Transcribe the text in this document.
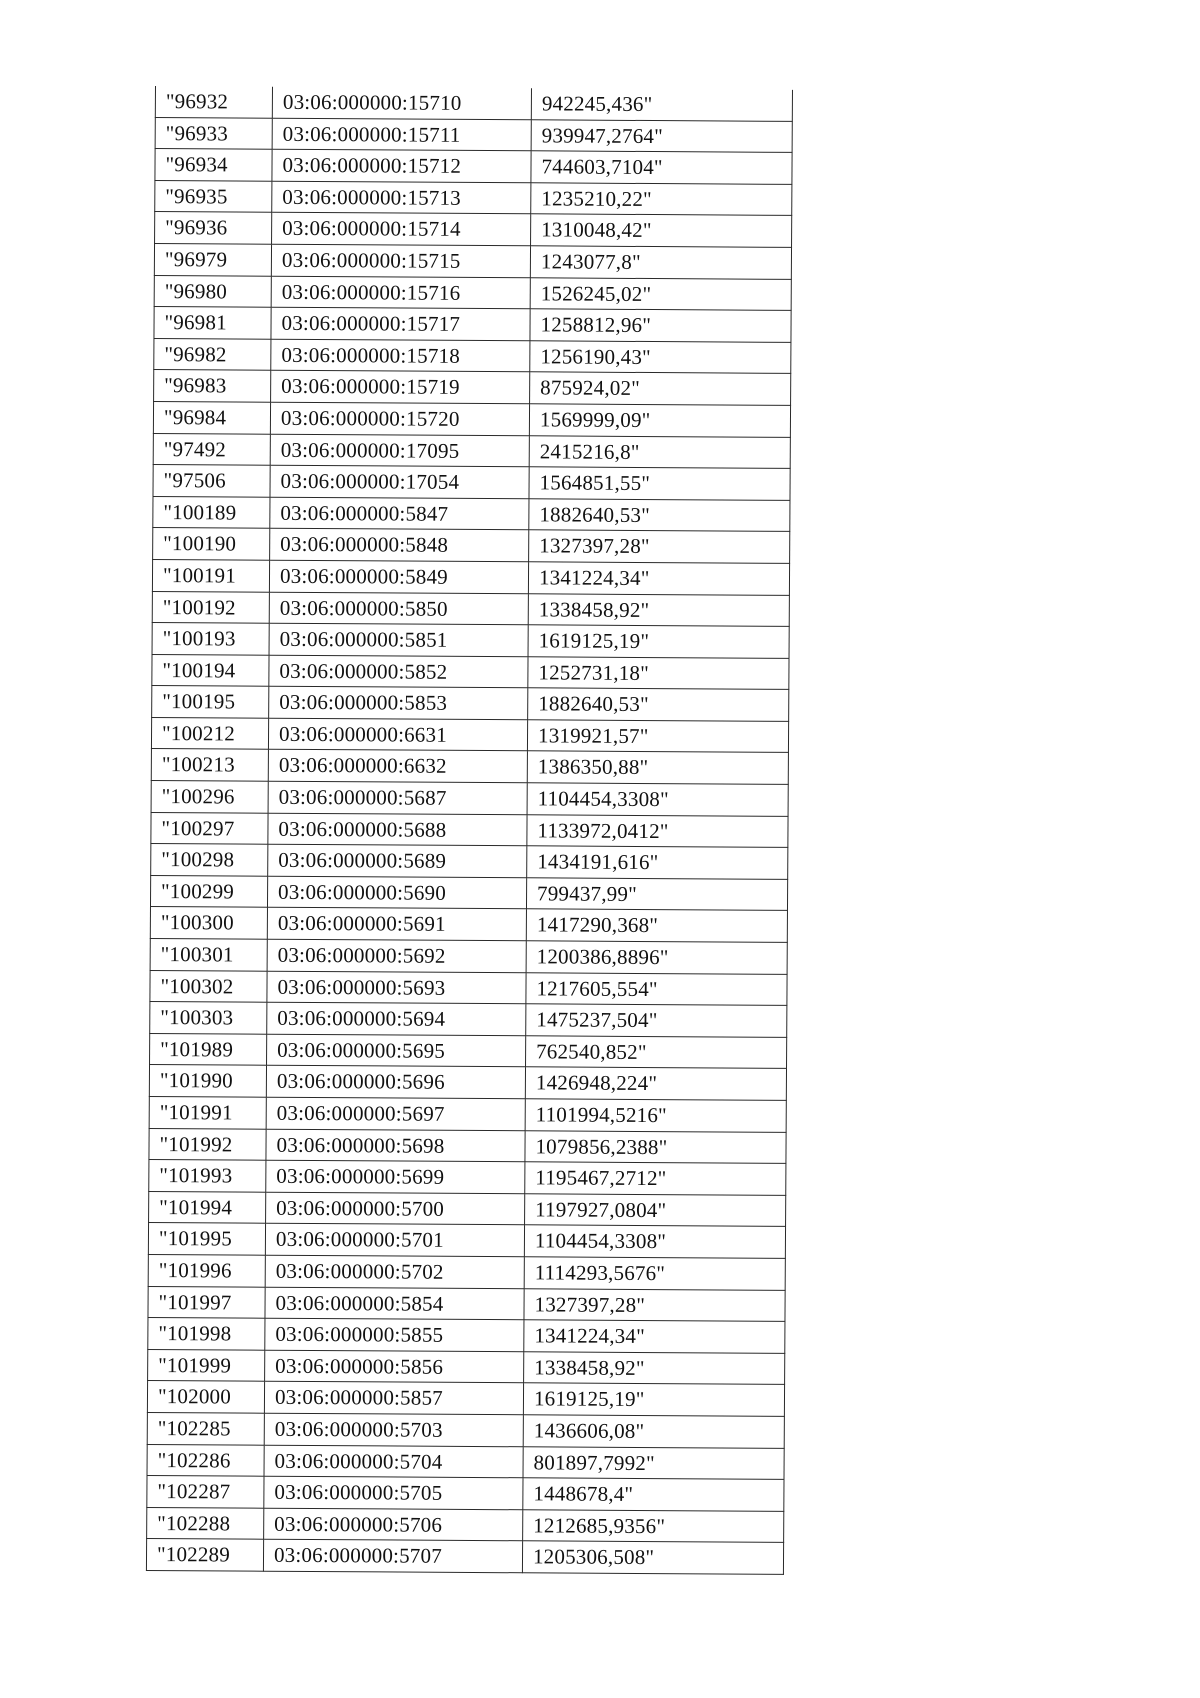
"96932	03:06:000000:15710	942245,436"
"96933	03:06:000000:15711	939947,2764"
"96934	03:06:000000:15712	744603,7104"
"96935	03:06:000000:15713	1235210,22"
"96936	03:06:000000:15714	1310048,42"
"96979	03:06:000000:15715	1243077,8"
"96980	03:06:000000:15716	1526245,02"
"96981	03:06:000000:15717	1258812,96"
"96982	03:06:000000:15718	1256190,43"
"96983	03:06:000000:15719	875924,02"
"96984	03:06:000000:15720	1569999,09"
"97492	03:06:000000:17095	2415216,8"
"97506	03:06:000000:17054	1564851,55"
"100189	03:06:000000:5847	1882640,53"
"100190	03:06:000000:5848	1327397,28"
"100191	03:06:000000:5849	1341224,34"
"100192	03:06:000000:5850	1338458,92"
"100193	03:06:000000:5851	1619125,19"
"100194	03:06:000000:5852	1252731,18"
"100195	03:06:000000:5853	1882640,53"
"100212	03:06:000000:6631	1319921,57"
"100213	03:06:000000:6632	1386350,88"
"100296	03:06:000000:5687	1104454,3308"
"100297	03:06:000000:5688	1133972,0412"
"100298	03:06:000000:5689	1434191,616"
"100299	03:06:000000:5690	799437,99"
"100300	03:06:000000:5691	1417290,368"
"100301	03:06:000000:5692	1200386,8896"
"100302	03:06:000000:5693	1217605,554"
"100303	03:06:000000:5694	1475237,504"
"101989	03:06:000000:5695	762540,852"
"101990	03:06:000000:5696	1426948,224"
"101991	03:06:000000:5697	1101994,5216"
"101992	03:06:000000:5698	1079856,2388"
"101993	03:06:000000:5699	1195467,2712"
"101994	03:06:000000:5700	1197927,0804"
"101995	03:06:000000:5701	1104454,3308"
"101996	03:06:000000:5702	1114293,5676"
"101997	03:06:000000:5854	1327397,28"
"101998	03:06:000000:5855	1341224,34"
"101999	03:06:000000:5856	1338458,92"
"102000	03:06:000000:5857	1619125,19"
"102285	03:06:000000:5703	1436606,08"
"102286	03:06:000000:5704	801897,7992"
"102287	03:06:000000:5705	1448678,4"
"102288	03:06:000000:5706	1212685,9356"
"102289	03:06:000000:5707	1205306,508"
